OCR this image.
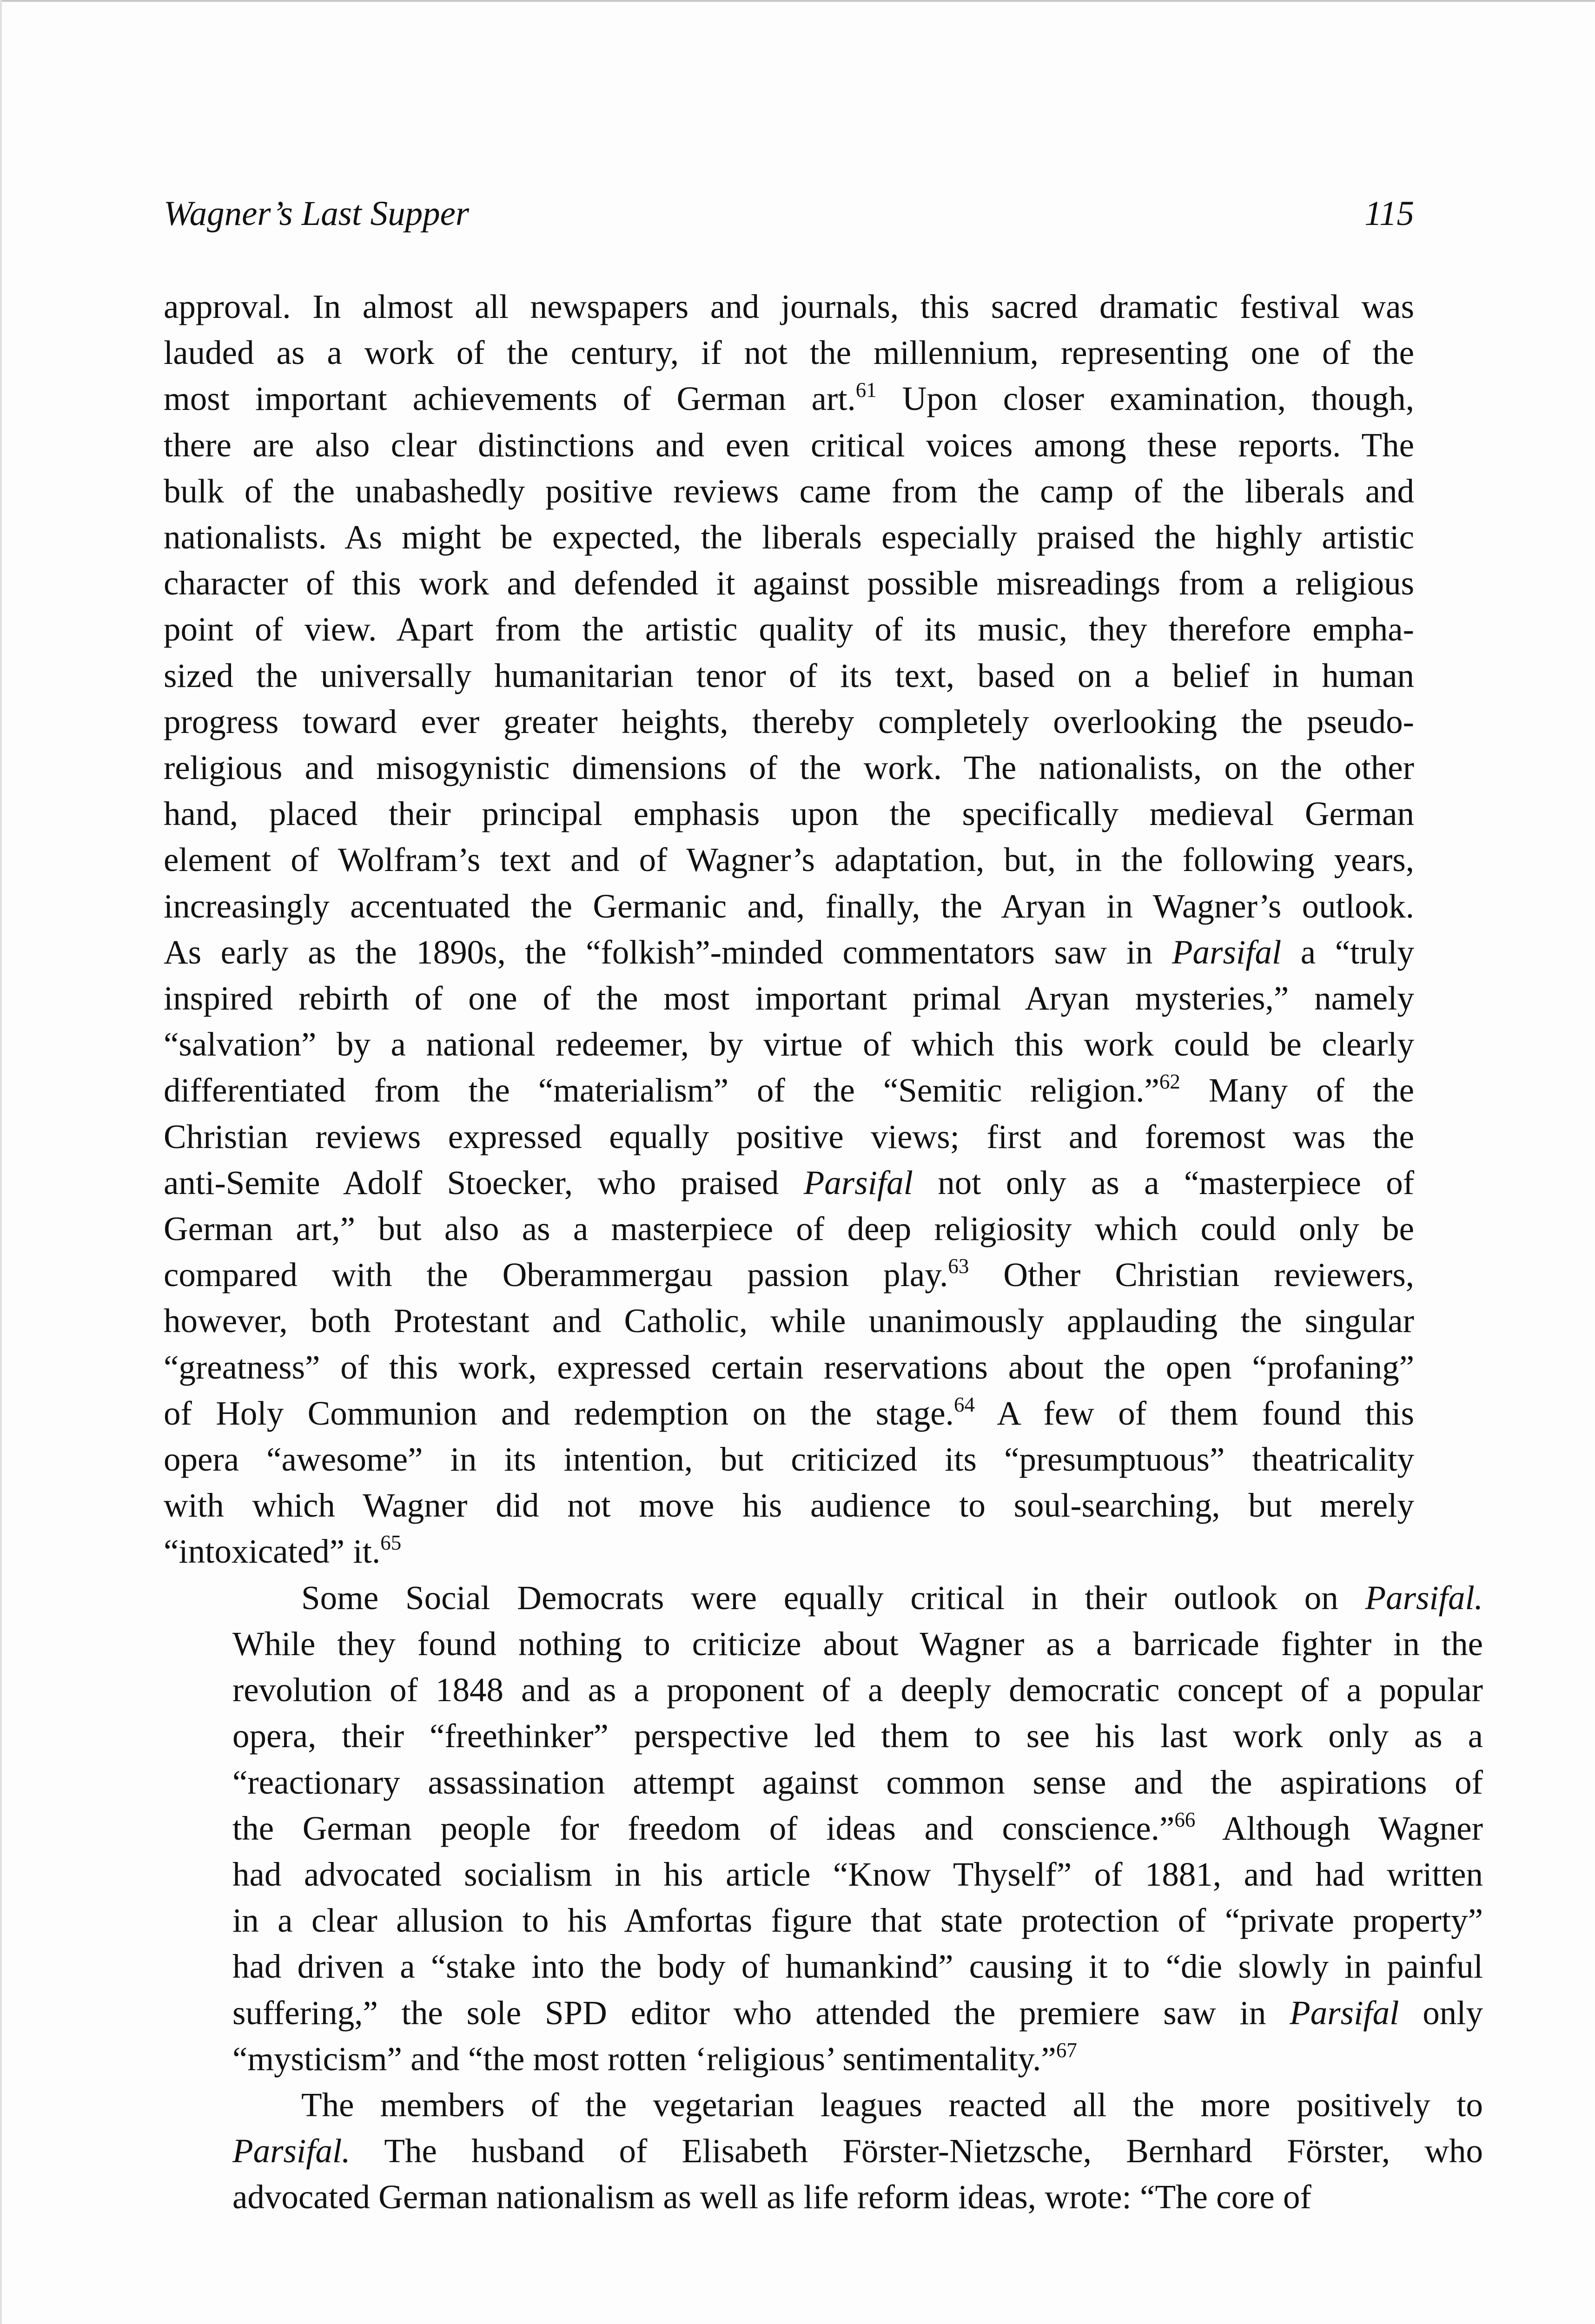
Wagner’s Last Supper	115
approval. In almost all newspapers and journals, this sacred dramatic festival was
lauded as a work of the century, if not the millennium, representing one of the
most important achievements of German art.$^{61}$ Upon closer examination, though,
there are also clear distinctions and even critical voices among these reports. The
bulk of the unabashedly positive reviews came from the camp of the liberals and
nationalists. As might be expected, the liberals especially praised the highly artistic
character of this work and defended it against possible misreadings from a religious
point of view. Apart from the artistic quality of its music, they therefore empha-
sized the universally humanitarian tenor of its text, based on a belief in human
progress toward ever greater heights, thereby completely overlooking the pseudo-
religious and misogynistic dimensions of the work. The nationalists, on the other
hand, placed their principal emphasis upon the specifically medieval German
element of Wolfram’s text and of Wagner’s adaptation, but, in the following years,
increasingly accentuated the Germanic and, finally, the Aryan in Wagner’s outlook.
As early as the 1890s, the “folkish”-minded commentators saw in Parsifal a “truly
inspired rebirth of one of the most important primal Aryan mysteries,” namely
“salvation” by a national redeemer, by virtue of which this work could be clearly
differentiated from the “materialism” of the “Semitic religion.”$^{62}$ Many of the
Christian reviews expressed equally positive views; first and foremost was the
anti-Semite Adolf Stoecker, who praised Parsifal not only as a “masterpiece of
German art,” but also as a masterpiece of deep religiosity which could only be
compared with the Oberammergau passion play.$^{63}$ Other Christian reviewers,
however, both Protestant and Catholic, while unanimously applauding the singular
“greatness” of this work, expressed certain reservations about the open “profaning”
of Holy Communion and redemption on the stage.$^{64}$ A few of them found this
opera “awesome” in its intention, but criticized its “presumptuous” theatricality
with which Wagner did not move his audience to soul-searching, but merely
“intoxicated” it.$^{65}$
Some Social Democrats were equally critical in their outlook on Parsifal.
While they found nothing to criticize about Wagner as a barricade fighter in the
revolution of 1848 and as a proponent of a deeply democratic concept of a popular
opera, their “freethinker” perspective led them to see his last work only as a
“reactionary assassination attempt against common sense and the aspirations of
the German people for freedom of ideas and conscience.”$^{66}$ Although Wagner
had advocated socialism in his article “Know Thyself” of 1881, and had written
in a clear allusion to his Amfortas figure that state protection of “private property”
had driven a “stake into the body of humankind” causing it to “die slowly in painful
suffering,” the sole SPD editor who attended the premiere saw in Parsifal only
“mysticism” and “the most rotten ‘religious’ sentimentality.”$^{67}$
The members of the vegetarian leagues reacted all the more positively to
Parsifal. The husband of Elisabeth Förster-Nietzsche, Bernhard Förster, who
advocated German nationalism as well as life reform ideas, wrote: “The core of
